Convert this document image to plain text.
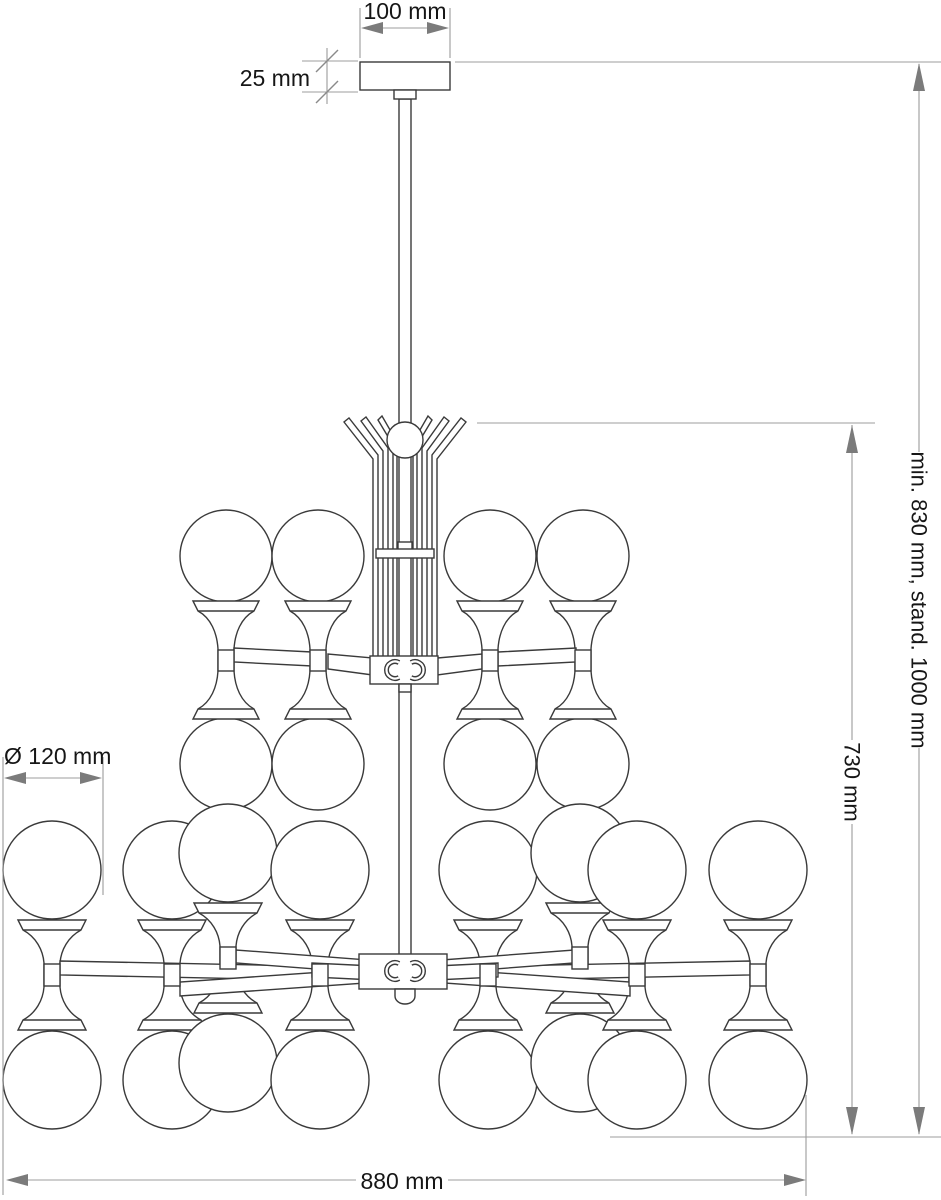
100 mm
25 mm
Ø 120 mm
880 mm
min. 830 mm, stand. 1000 mm
730 mm
